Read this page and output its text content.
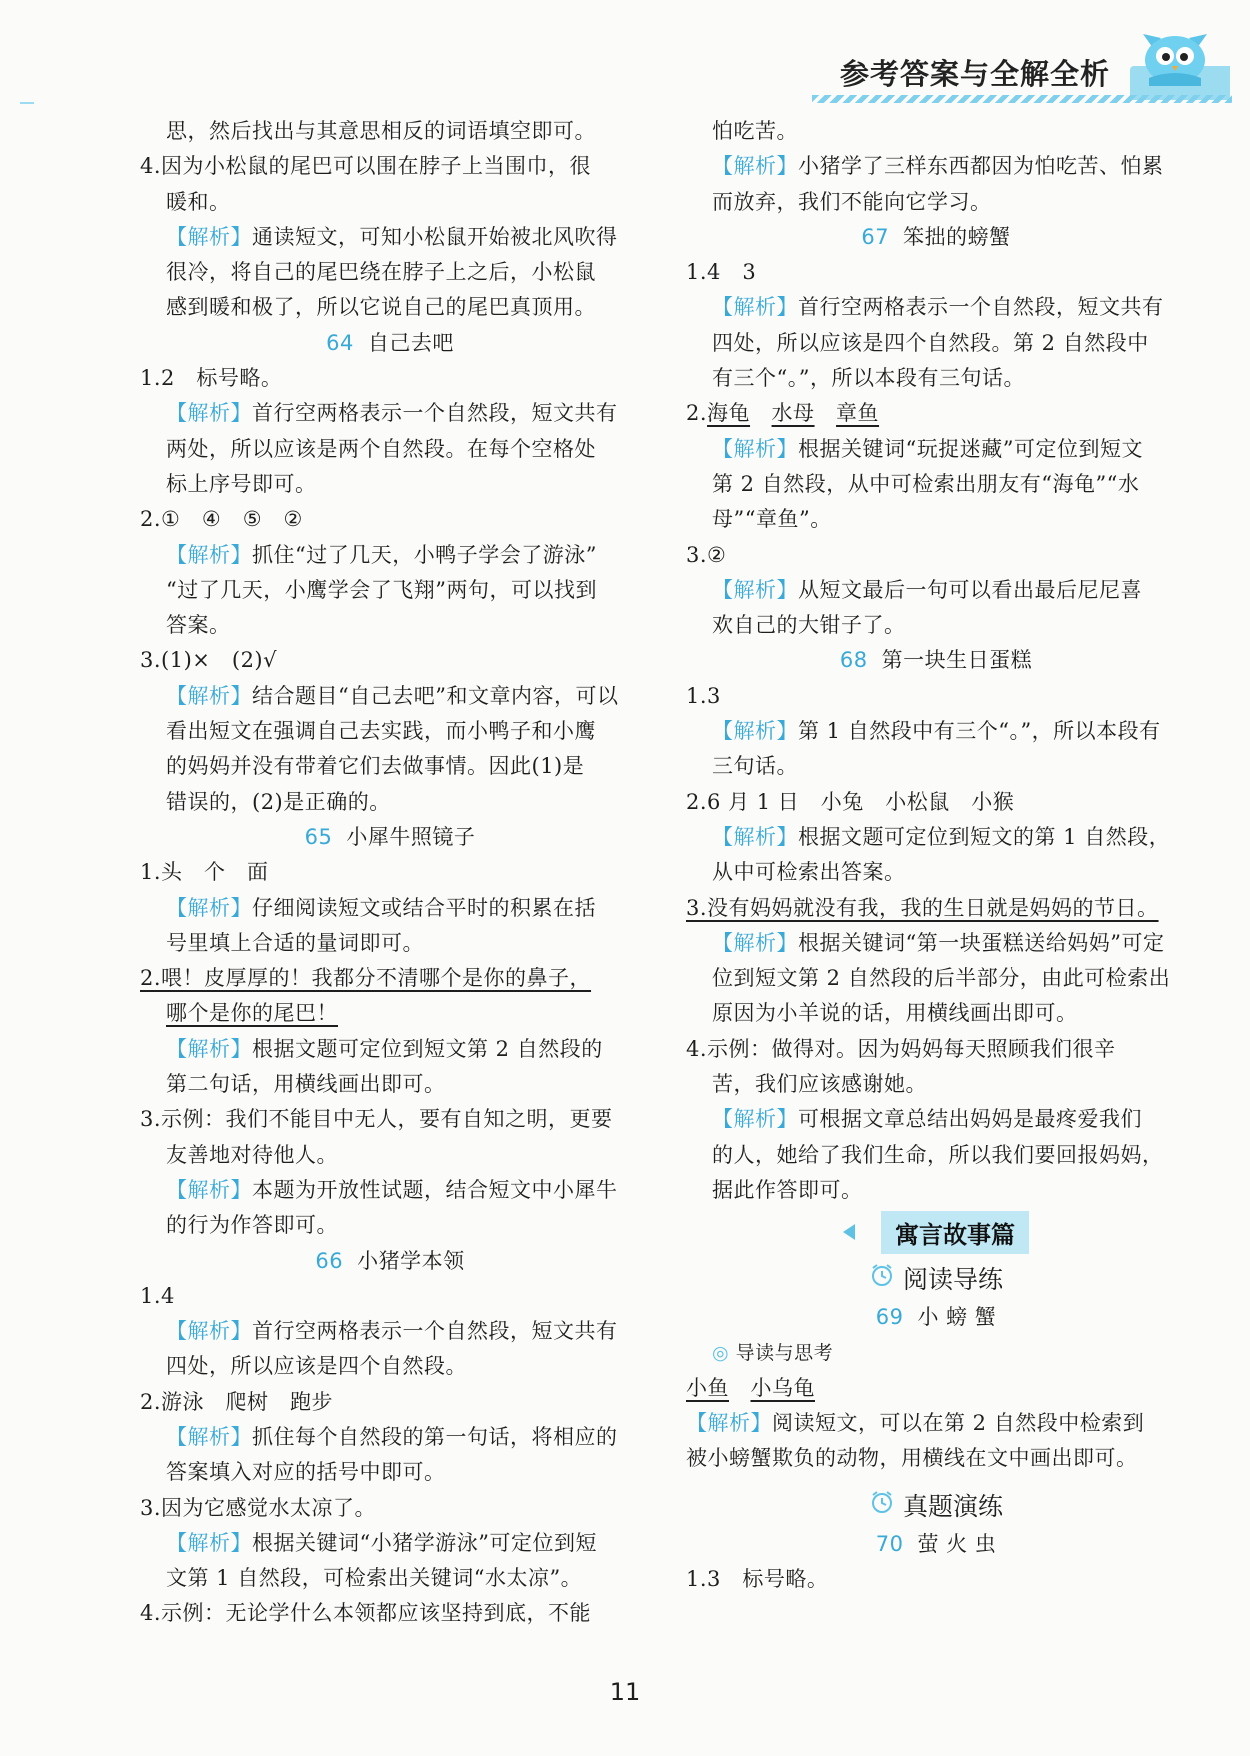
参考答案与全解全析
思，然后找出与其意思相反的词语填空即可。
4.因为小松鼠的尾巴可以围在脖子上当围巾，很
暖和。
【解析】通读短文，可知小松鼠开始被北风吹得
很冷，将自己的尾巴绕在脖子上之后，小松鼠
感到暖和极了，所以它说自己的尾巴真顶用。
64 自己去吧
1.2　标号略。
【解析】首行空两格表示一个自然段，短文共有
两处，所以应该是两个自然段。在每个空格处
标上序号即可。
2.①　④　⑤　②
【解析】抓住“过了几天，小鸭子学会了游泳”
“过了几天，小鹰学会了飞翔”两句，可以找到
答案。
3.(1)×　(2)√
【解析】结合题目“自己去吧”和文章内容，可以
看出短文在强调自己去实践，而小鸭子和小鹰
的妈妈并没有带着它们去做事情。因此(1)是
错误的，(2)是正确的。
65 小犀牛照镜子
1.头　个　面
【解析】仔细阅读短文或结合平时的积累在括
号里填上合适的量词即可。
2.喂！皮厚厚的！我都分不清哪个是你的鼻子，
哪个是你的尾巴！
【解析】根据文题可定位到短文第 2 自然段的
第二句话，用横线画出即可。
3.示例：我们不能目中无人，要有自知之明，更要
友善地对待他人。
【解析】本题为开放性试题，结合短文中小犀牛
的行为作答即可。
66 小猪学本领
1.4
【解析】首行空两格表示一个自然段，短文共有
四处，所以应该是四个自然段。
2.游泳　爬树　跑步
【解析】抓住每个自然段的第一句话，将相应的
答案填入对应的括号中即可。
3.因为它感觉水太凉了。
【解析】根据关键词“小猪学游泳”可定位到短
文第 1 自然段，可检索出关键词“水太凉”。
4.示例：无论学什么本领都应该坚持到底，不能
怕吃苦。
【解析】小猪学了三样东西都因为怕吃苦、怕累
而放弃，我们不能向它学习。
67 笨拙的螃蟹
1.4　3
【解析】首行空两格表示一个自然段，短文共有
四处，所以应该是四个自然段。第 2 自然段中
有三个“。”，所以本段有三句话。
2.海龟　 水母　 章鱼
【解析】根据关键词“玩捉迷藏”可定位到短文
第 2 自然段，从中可检索出朋友有“海龟”“水
母”“章鱼”。
3.②
【解析】从短文最后一句可以看出最后尼尼喜
欢自己的大钳子了。
68 第一块生日蛋糕
1.3
【解析】第 1 自然段中有三个“。”，所以本段有
三句话。
2.6 月 1 日　小兔　小松鼠　小猴
【解析】根据文题可定位到短文的第 1 自然段，
从中可检索出答案。
3.没有妈妈就没有我，我的生日就是妈妈的节日。
【解析】根据关键词“第一块蛋糕送给妈妈”可定
位到短文第 2 自然段的后半部分，由此可检索出
原因为小羊说的话，用横线画出即可。
4.示例：做得对。因为妈妈每天照顾我们很辛
苦，我们应该感谢她。
【解析】可根据文章总结出妈妈是最疼爱我们
的人，她给了我们生命，所以我们要回报妈妈，
据此作答即可。
寓言故事篇
阅读导练
69 小 螃 蟹
◎ 导读与思考
小鱼　 小乌龟
【解析】阅读短文，可以在第 2 自然段中检索到
被小螃蟹欺负的动物，用横线在文中画出即可。
真题演练
70 萤 火 虫
1.3　标号略。
11
